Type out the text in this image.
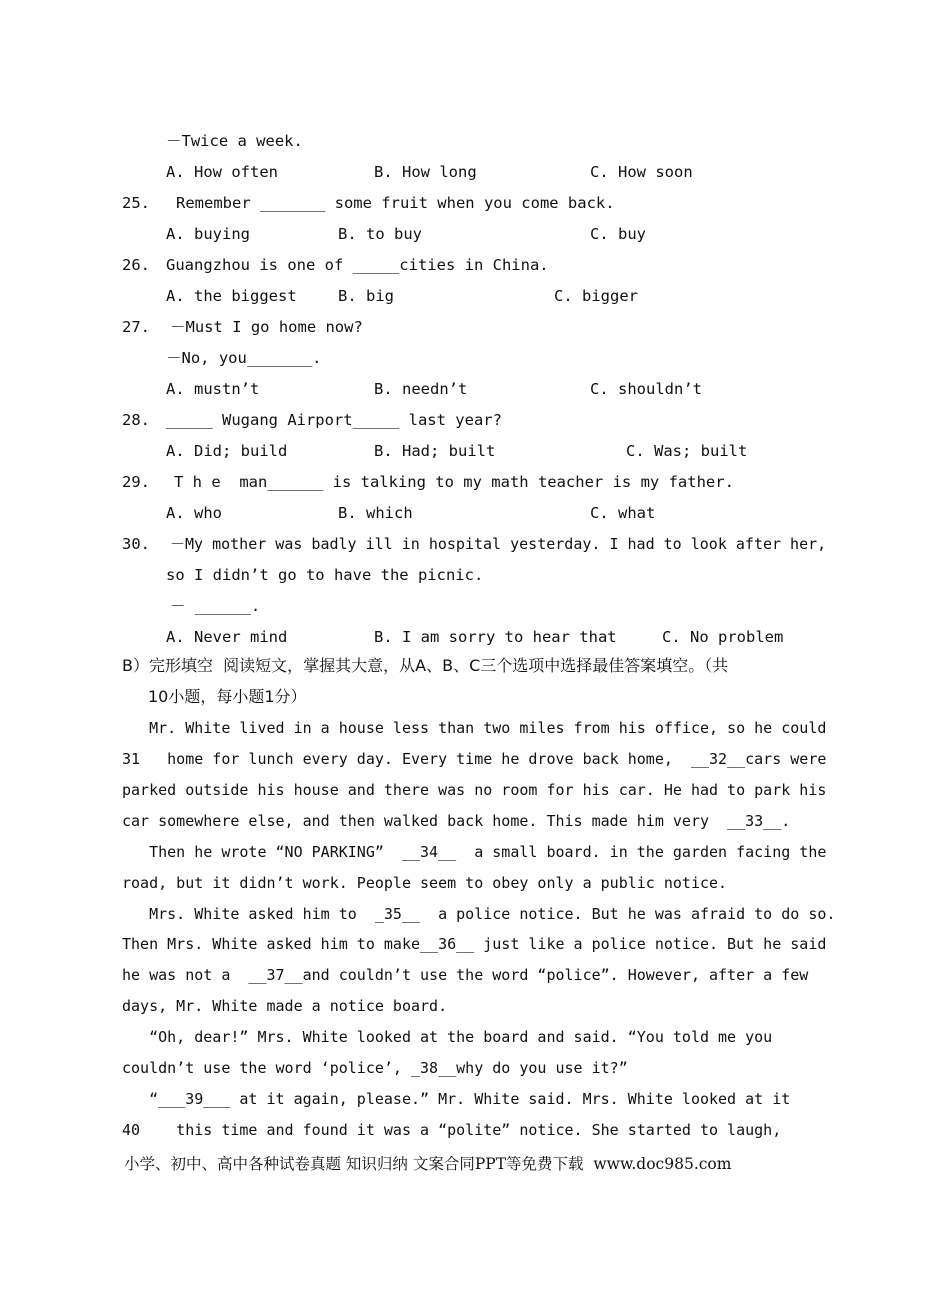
－Twice a week.
A. How often	B. How long	C. How soon
25. Remember _______ some fruit when you come back.
A. buying	B. to buy	C. buy
26. Guangzhou is one of _____cities in China.
A. the biggest	B. big	C. bigger
27. －Must I go home now?
－No, you_______.
A. mustn’t	B. needn’t	C. shouldn’t
28. _____ Wugang Airport_____ last year?
A. Did; build	B. Had; built	C. Was; built
29. T h e  man______ is talking to my math teacher is my father.
A. who	B. which	C. what
30. －My mother was badly ill in hospital yesterday. I had to look after her,
so I didn’t go to have the picnic.
－ ______.
A. Never mind	B. I am sorry to hear that	C. No problem
B）完形填空  阅读短文，掌握其大意，从A、B、C三个选项中选择最佳答案填空。（共
10小题，每小题1分）
Mr. White lived in a house less than two miles from his office, so he could
31   home for lunch every day. Every time he drove back home,  __32__cars were
parked outside his house and there was no room for his car. He had to park his
car somewhere else, and then walked back home. This made him very  __33__.
Then he wrote “NO PARKING”  __34__  a small board. in the garden facing the
road, but it didn’t work. People seem to obey only a public notice.
Mrs. White asked him to  _35__  a police notice. But he was afraid to do so.
Then Mrs. White asked him to make__36__ just like a police notice. But he said
he was not a  __37__and couldn’t use the word “police”. However, after a few
days, Mr. White made a notice board.
“Oh, dear!” Mrs. White looked at the board and said. “You told me you
couldn’t use the word ‘police’, _38__why do you use it?”
“___39___ at it again, please.” Mr. White said. Mrs. White looked at it
40    this time and found it was a “polite” notice. She started to laugh,
小学、初中、高中各种试卷真题 知识归纳 文案合同PPT等免费下载  www.doc985.com
